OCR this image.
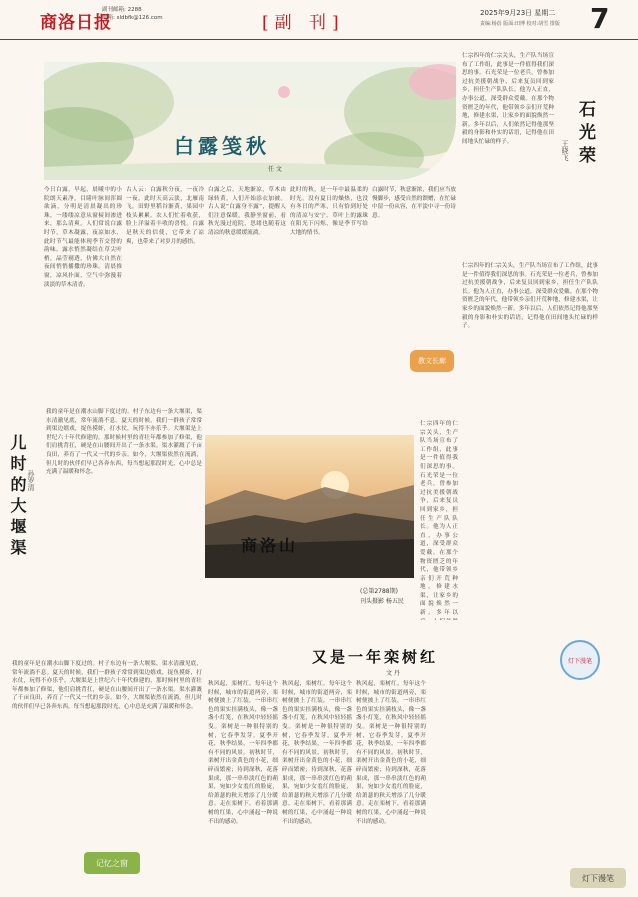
商洛日报
副刊邮箱: 2288
邮箱: sldbfk@126.com	[副 刊]	2025年9月23日 星期二
责编:杨蓓 版面:田博 校对:胡雪 排版 7
白露笺秋
任 文
石光荣
王晓飞
仁宗四年的仁宗关头，生产队当场宣布了工作组，此事是一件值得我们深思的事。石光荣是一位老兵，曾参加过抗美援朝战争，后来复员回到家乡，担任生产队队长。他为人正直，办事公道，深受群众爱戴。在那个物资匮乏的年代，他带领乡亲们开荒种地，修建水渠，让家乡的面貌焕然一新。多年以后，人们依然记得他那坚毅的身影和朴实的话语，记得他在田间地头忙碌的样子。
仁宗四年的仁宗关头，生产队当场宣布了工作组，此事是一件值得我们深思的事。石光荣是一位老兵，曾参加过抗美援朝战争，后来复员回到家乡，担任生产队队长。他为人正直，办事公道，深受群众爱戴。在那个物资匮乏的年代，他带领乡亲们开荒种地，修建水渠，让家乡的面貌焕然一新。多年以后，人们依然记得他那坚毅的身影和朴实的话语，记得他在田间地头忙碌的样子。
今日白露，早起，晨曦中的小院朗天素净，目睹叶脉间浑圆欲滴，分明是清晨凝出的珍珠，一缕缕凉意从窗棂间渗进来，那么清爽。人们常说白露时节，草木凝露，夜凉如水，此时节气最能体现季节交替的韵味。露水悄然凝结在草尖叶梢，晶莹剔透，仿佛大自然在夜间悄悄播撒的珍珠。清晨推窗，凉风扑面，空气中弥漫着淡淡的草木清香。
古人云：白露秋分夜，一夜冷一夜。此时天高云淡，北雁南飞，田野里稻谷渐黄，果园中枝头累累。农人们忙着收获，脸上洋溢着丰收的喜悦。白露是秋天的信使，它带来了凉爽，也带来了对岁月的感悟。
白露之后，天地渐凉，草木由绿转黄，人们开始添衣加被。古人说“白露身不露”，提醒人们注意保暖。我静坐窗前，看秋光漫过庭院，思绪也随着这清凉的秋意缓缓流淌。
此时的秋，是一年中最温柔的时光。没有夏日的燥热，也没有冬日的严寒，只有恰到好处的清凉与安宁。草叶上的露珠在阳光下闪烁，像是季节写给大地的情书。
白露时节，秋意渐浓，我们应当放慢脚步，感受自然的馈赠，在忙碌中留一份从容，在平淡中寻一份诗意。
教文长廊
儿时的大堰渠 孙罗清
我的童年是在潮水山脚下度过的。村子东边有一条大堰渠，渠水清澈见底，常年流淌不息。夏天的时候，我们一群孩子常常到渠边嬉戏，捉鱼摸虾，打水仗，玩得不亦乐乎。大堰渠是上世纪六十年代修建的，那时候村里的青壮年都参加了修渠，他们肩挑背扛，硬是在山腰间开出了一条水渠。渠水灌溉了千亩良田，养育了一代又一代的乡亲。如今，大堰渠依然在流淌，但儿时的伙伴们早已各奔东西，每当想起那段时光，心中总是充满了温暖和怀念。
我的童年是在潮水山脚下度过的。村子东边有一条大堰渠，渠水清澈见底，常年流淌不息。夏天的时候，我们一群孩子常常到渠边嬉戏，捉鱼摸虾，打水仗，玩得不亦乐乎。大堰渠是上世纪六十年代修建的，那时候村里的青壮年都参加了修渠，他们肩挑背扛，硬是在山腰间开出了一条水渠。渠水灌溉了千亩良田，养育了一代又一代的乡亲。如今，大堰渠依然在流淌，但儿时的伙伴们早已各奔东西，每当想起那段时光，心中总是充满了温暖和怀念。
商洛山
(总第2788期)
刊头摄影 杨五民
仁宗四年的仁宗关头，生产队当场宣布了工作组，此事是一件值得我们深思的事。石光荣是一位老兵，曾参加过抗美援朝战争，后来复员回到家乡，担任生产队队长。他为人正直，办事公道，深受群众爱戴。在那个物资匮乏的年代，他带领乡亲们开荒种地，修建水渠，让家乡的面貌焕然一新。多年以
又是一年栾树红
文 丹
秋风起，栾树红。每年这个时候，城市的街道两旁，栾树便披上了红装，一串串红色的果实挂满枝头，像一盏盏小灯笼，在秋风中轻轻摇曳。栾树是一种很特别的树，它春季发芽，夏季开花，秋季结果，一年四季都有不同的风景。初秋时节，栾树开出金黄色的小花，细碎而繁密；待到深秋，花落果成，那一串串淡红色的蒴果，宛如少女羞红的脸庞，给萧瑟的秋天增添了几分暖意。走在栾树下，看着那满树的红果，心中涌起一种说不出的感动。
秋风起，栾树红。每年这个时候，城市的街道两旁，栾树便披上了红装，一串串红色的果实挂满枝头，像一盏盏小灯笼，在秋风中轻轻摇曳。栾树是一种很特别的树，它春季发芽，夏季开花，秋季结果，一年四季都有不同的风景。初秋时节，栾树开出金黄色的小花，细碎而繁密；待到深秋，花落果成，那一串串淡红色的蒴果，宛如少女羞红的脸庞，给萧瑟的秋天增添了几分暖意。走在栾树下，看着那满树的红果，心中涌起一种说不出的感动。
秋风起，栾树红。每年这个时候，城市的街道两旁，栾树便披上了红装，一串串红色的果实挂满枝头，像一盏盏小灯笼，在秋风中轻轻摇曳。栾树是一种很特别的树，它春季发芽，夏季开花，秋季结果，一年四季都有不同的风景。初秋时节，栾树开出金黄色的小花，细碎而繁密；待到深秋，花落果成，那一串串淡红色的蒴果，宛如少女羞红的脸庞，给萧瑟的秋天增添了几分暖意。走在栾树下，看着那满树的红果，心中涌起一种说不出的感动。
记忆之窗
灯下漫笔
灯下漫笔
